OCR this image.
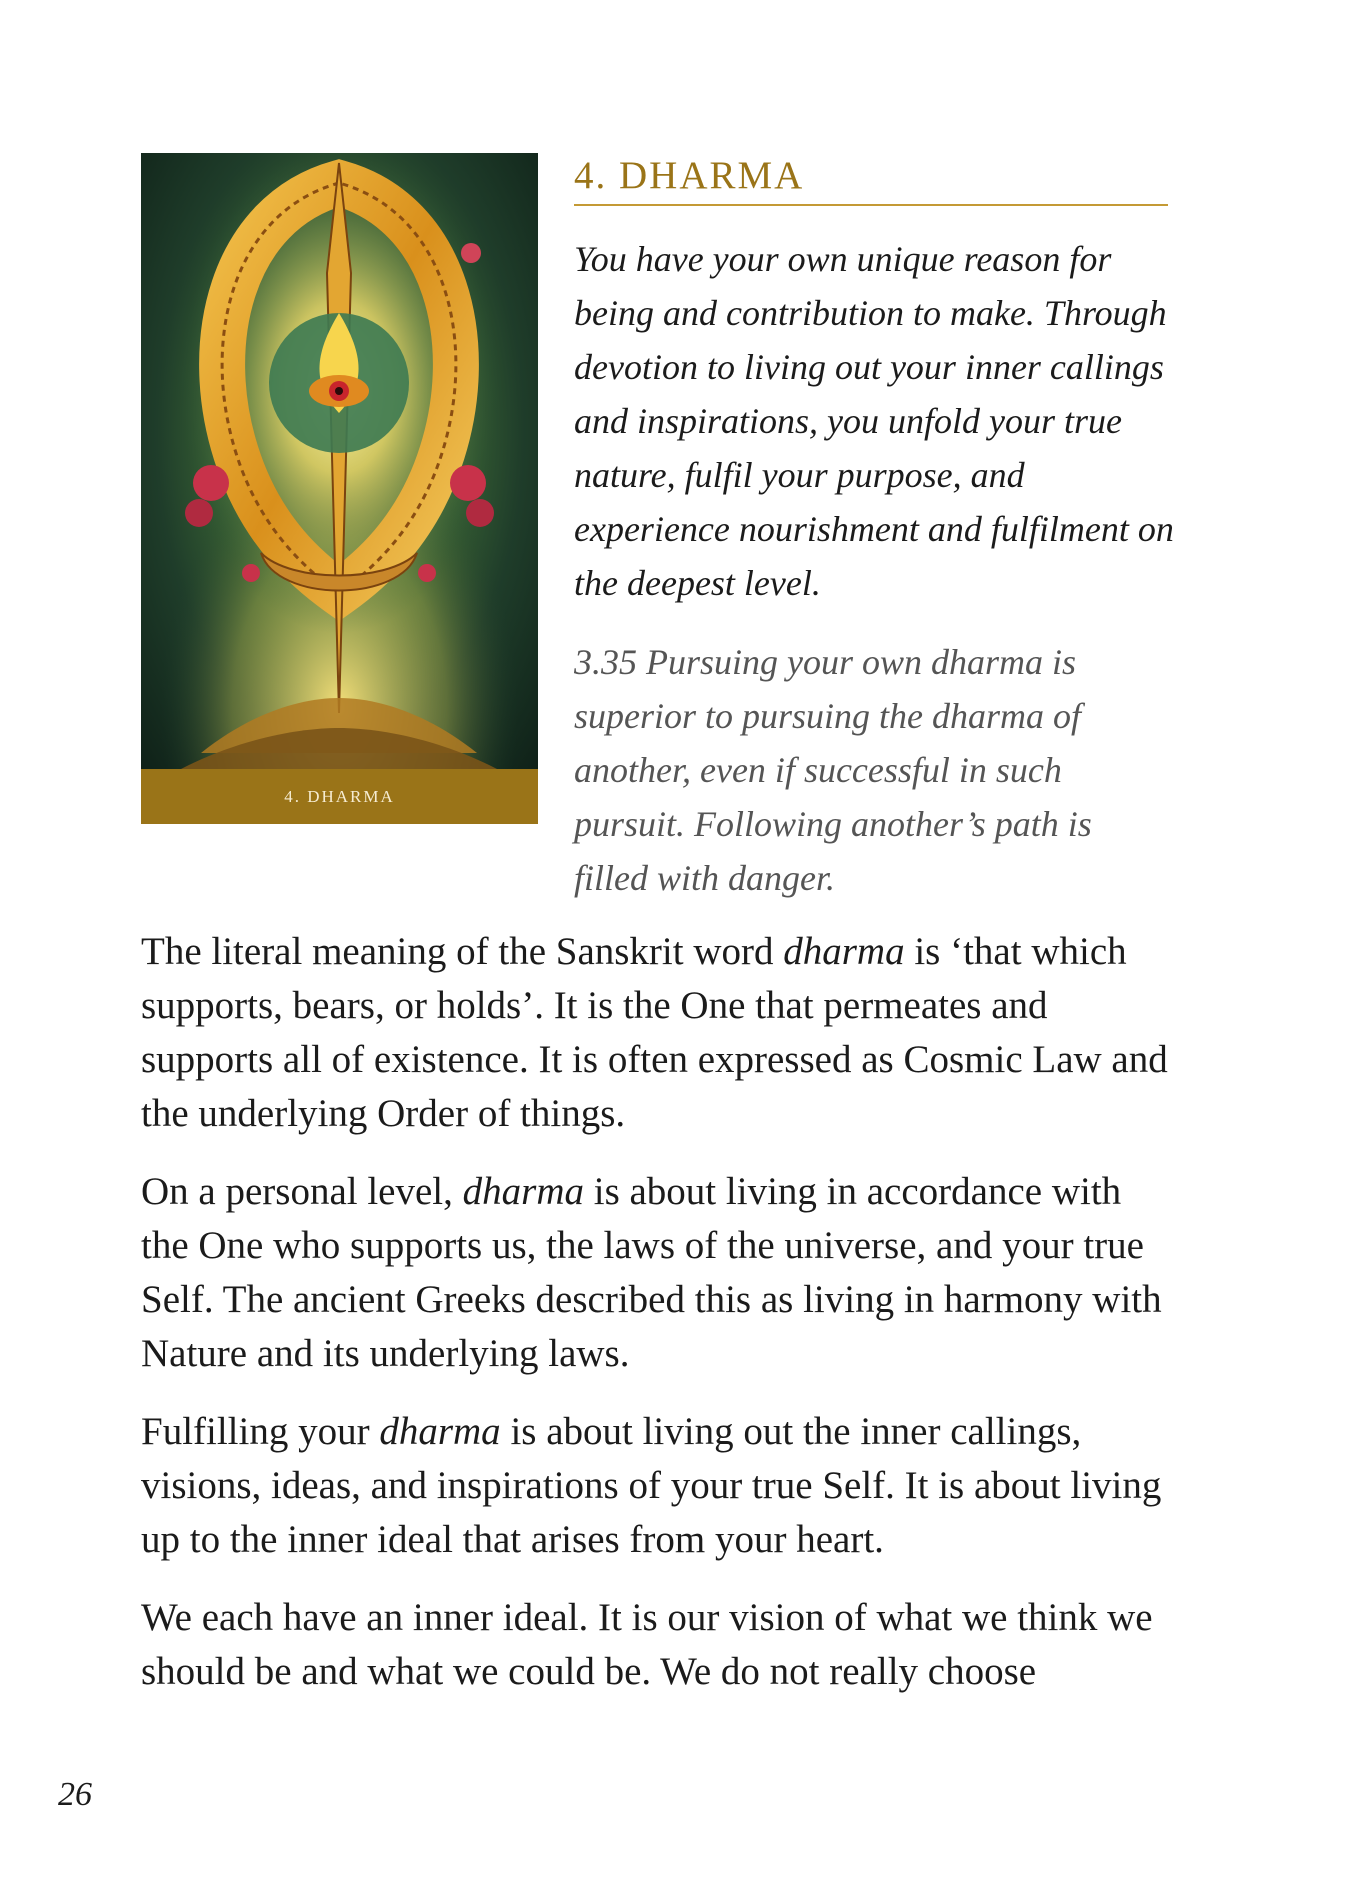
4. DHARMA
4. DHARMA

You have your own unique reason for being and contribution to make. Through devotion to living out your inner callings and inspirations, you unfold your true nature, fulfil your purpose, and experience nourishment and fulfilment on the deepest level.

3.35 Pursuing your own dharma is superior to pursuing the dharma of another, even if successful in such pursuit. Following another’s path is filled with danger.

The literal meaning of the Sanskrit word dharma is ‘that which supports, bears, or holds’. It is the One that permeates and supports all of existence. It is often expressed as Cosmic Law and the underlying Order of things.

On a personal level, dharma is about living in accordance with the One who supports us, the laws of the universe, and your true Self. The ancient Greeks described this as living in harmony with Nature and its underlying laws.

Fulfilling your dharma is about living out the inner callings, visions, ideas, and inspirations of your true Self. It is about living up to the inner ideal that arises from your heart.

We each have an inner ideal. It is our vision of what we think we should be and what we could be. We do not really choose

26
